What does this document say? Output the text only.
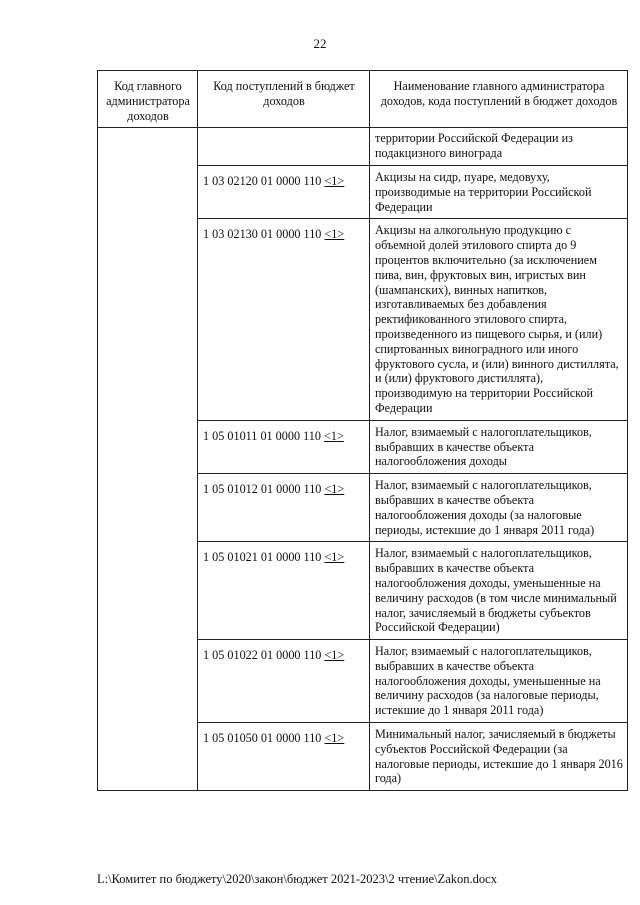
22
Код главного администратора доходов	Код поступлений в бюджет доходов	Наименование главного администратора доходов, кода поступлений в бюджет доходов
		территории Российской Федерации из подакцизного винограда
	1 03 02120 01 0000 110 <1>	Акцизы на сидр, пуаре, медовуху, производимые на территории Российской Федерации
	1 03 02130 01 0000 110 <1>	Акцизы на алкогольную продукцию с объемной долей этилового спирта до 9 процентов включительно (за исключением пива, вин, фруктовых вин, игристых вин (шампанских), винных напитков, изготавливаемых без добавления ректификованного этилового спирта, произведенного из пищевого сырья, и (или) спиртованных виноградного или иного фруктового сусла, и (или) винного дистиллята, и (или) фруктового дистиллята), производимую на территории Российской Федерации
	1 05 01011 01 0000 110 <1>	Налог, взимаемый с налогоплательщиков, выбравших в качестве объекта налогообложения доходы
	1 05 01012 01 0000 110 <1>	Налог, взимаемый с налогоплательщиков, выбравших в качестве объекта налогообложения доходы (за налоговые периоды, истекшие до 1 января 2011 года)
	1 05 01021 01 0000 110 <1>	Налог, взимаемый с налогоплательщиков, выбравших в качестве объекта налогообложения доходы, уменьшенные на величину расходов (в том числе минимальный налог, зачисляемый в бюджеты субъектов Российской Федерации)
	1 05 01022 01 0000 110 <1>	Налог, взимаемый с налогоплательщиков, выбравших в качестве объекта налогообложения доходы, уменьшенные на величину расходов (за налоговые периоды, истекшие до 1 января 2011 года)
	1 05 01050 01 0000 110 <1>	Минимальный налог, зачисляемый в бюджеты субъектов Российской Федерации (за налоговые периоды, истекшие до 1 января 2016 года)
L:\Комитет по бюджету\2020\закон\бюджет 2021-2023\2 чтение\Zakon.docx
